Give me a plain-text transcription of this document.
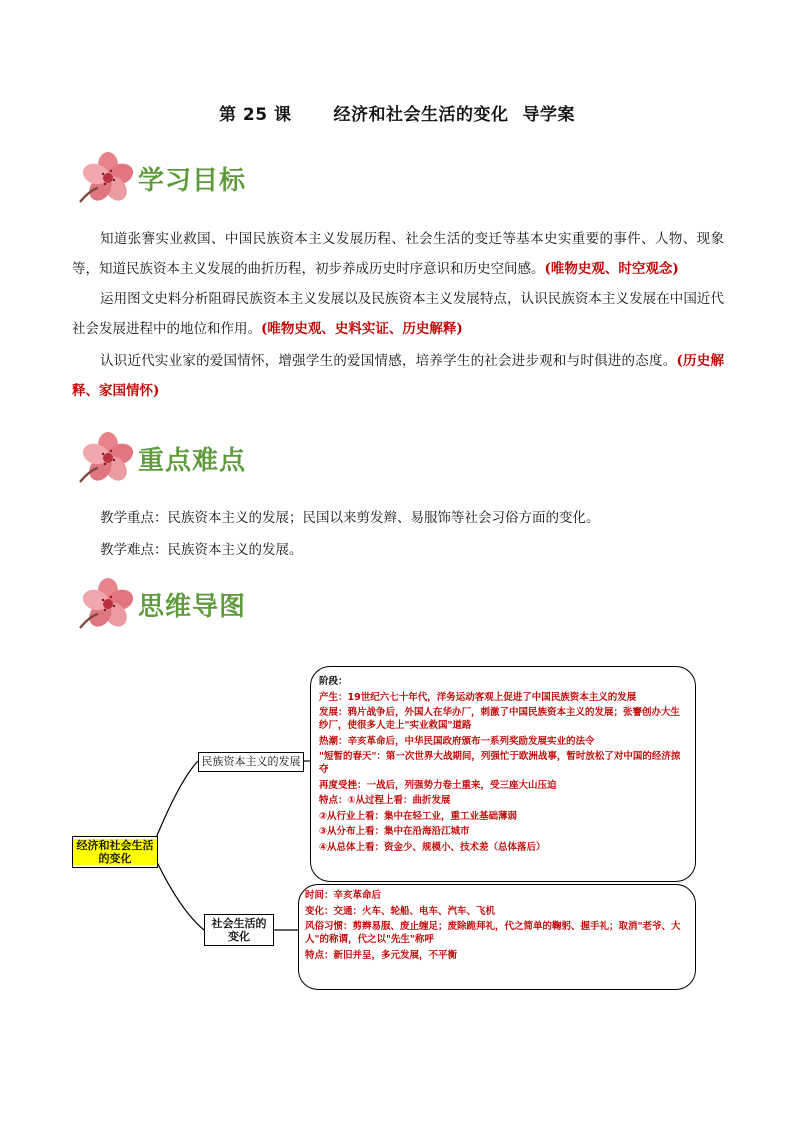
第 25 课 经济和社会生活的变化 导学案
学习目标
知道张謇实业救国、中国民族资本主义发展历程、社会生活的变迁等基本史实重要的事件、人物、现象等，知道民族资本主义发展的曲折历程，初步养成历史时序意识和历史空间感。(唯物史观、时空观念)
运用图文史料分析阻碍民族资本主义发展以及民族资本主义发展特点，认识民族资本主义发展在中国近代社会发展进程中的地位和作用。(唯物史观、史料实证、历史解释)
认识近代实业家的爱国情怀，增强学生的爱国情感，培养学生的社会进步观和与时俱进的态度。(历史解释、家国情怀)
重点难点
教学重点：民族资本主义的发展；民国以来剪发辫、易服饰等社会习俗方面的变化。
教学难点：民族资本主义的发展。
思维导图
经济和社会生活的变化
民族资本主义的发展
社会生活的变化
阶段：
产生：19世纪六七十年代，洋务运动客观上促进了中国民族资本主义的发展
发展：鸦片战争后，外国人在华办厂，刺激了中国民族资本主义的发展；张謇创办大生纱厂，使很多人走上"实业救国"道路
热潮：辛亥革命后，中华民国政府颁布一系列奖励发展实业的法令
"短暂的春天"：第一次世界大战期间，列强忙于欧洲战事，暂时放松了对中国的经济掠夺
再度受挫：一战后，列强势力卷土重来，受三座大山压迫
特点：①从过程上看：曲折发展
②从行业上看：集中在轻工业，重工业基础薄弱
③从分布上看：集中在沿海沿江城市
④从总体上看：资金少、规模小、技术差（总体落后）
时间：辛亥革命后
变化：交通：火车、轮船、电车、汽车、飞机
风俗习惯：剪辫易服、废止缠足；废除跪拜礼，代之简单的鞠躬、握手礼；取消"老爷、大人"的称谓，代之以"先生"称呼
特点：新旧并呈，多元发展，不平衡
